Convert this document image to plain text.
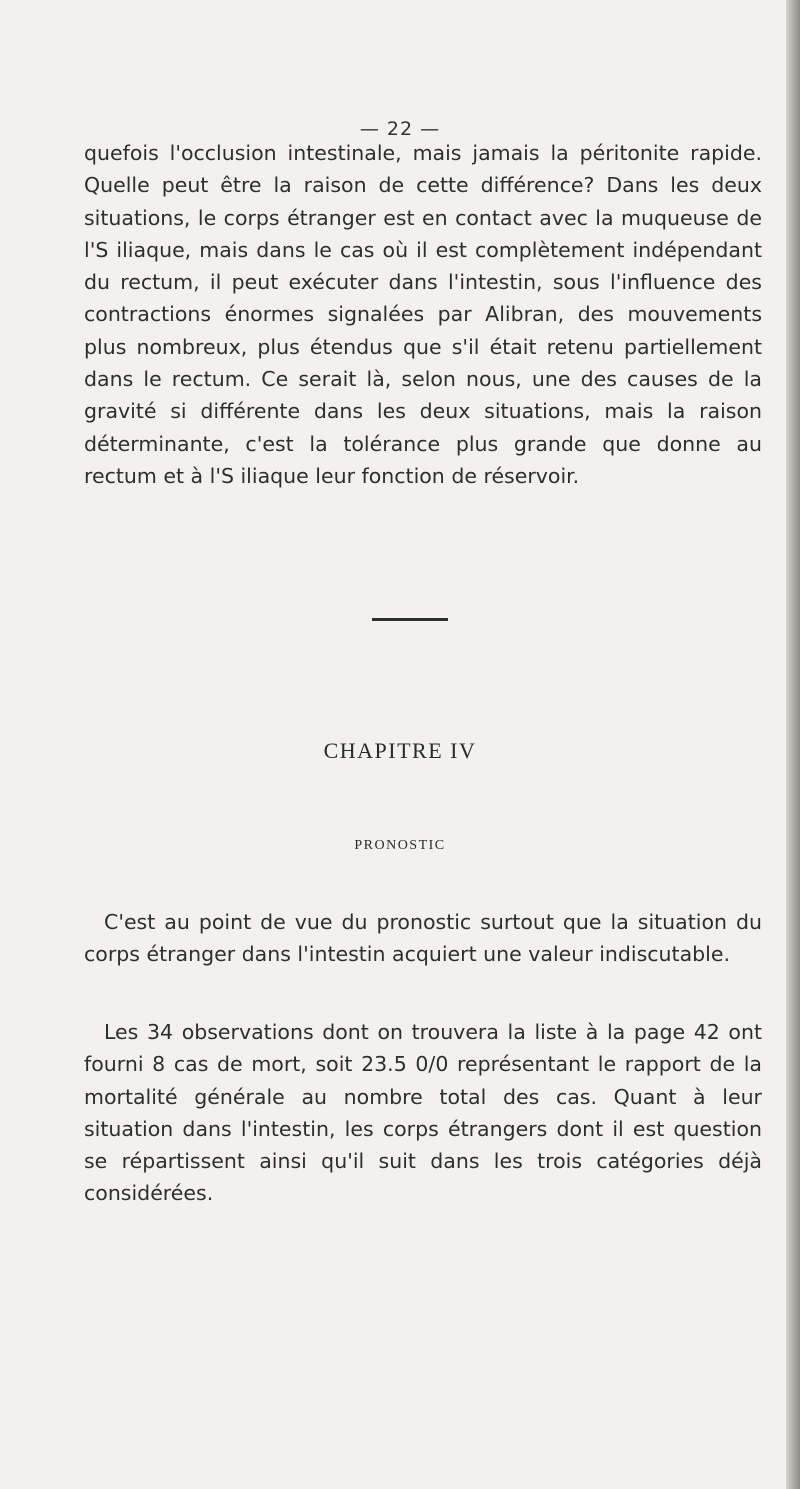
— 22 —

quefois l'occlusion intestinale, mais jamais la péritonite rapide. Quelle peut être la raison de cette différence? Dans les deux situations, le corps étranger est en contact avec la muqueuse de l'S iliaque, mais dans le cas où il est complètement indépendant du rectum, il peut exécuter dans l'intestin, sous l'influence des contractions énormes signalées par Alibran, des mouvements plus nombreux, plus étendus que s'il était retenu partiellement dans le rectum. Ce serait là, selon nous, une des causes de la gravité si différente dans les deux situations, mais la raison déterminante, c'est la tolérance plus grande que donne au rectum et à l'S iliaque leur fonction de réservoir.

CHAPITRE IV
PRONOSTIC

C'est au point de vue du pronostic surtout que la situation du corps étranger dans l'intestin acquiert une valeur indiscutable.

Les 34 observations dont on trouvera la liste à la page 42 ont fourni 8 cas de mort, soit 23.5 0/0 représentant le rapport de la mortalité générale au nombre total des cas. Quant à leur situation dans l'intestin, les corps étrangers dont il est question se répartissent ainsi qu'il suit dans les trois catégories déjà considérées.
